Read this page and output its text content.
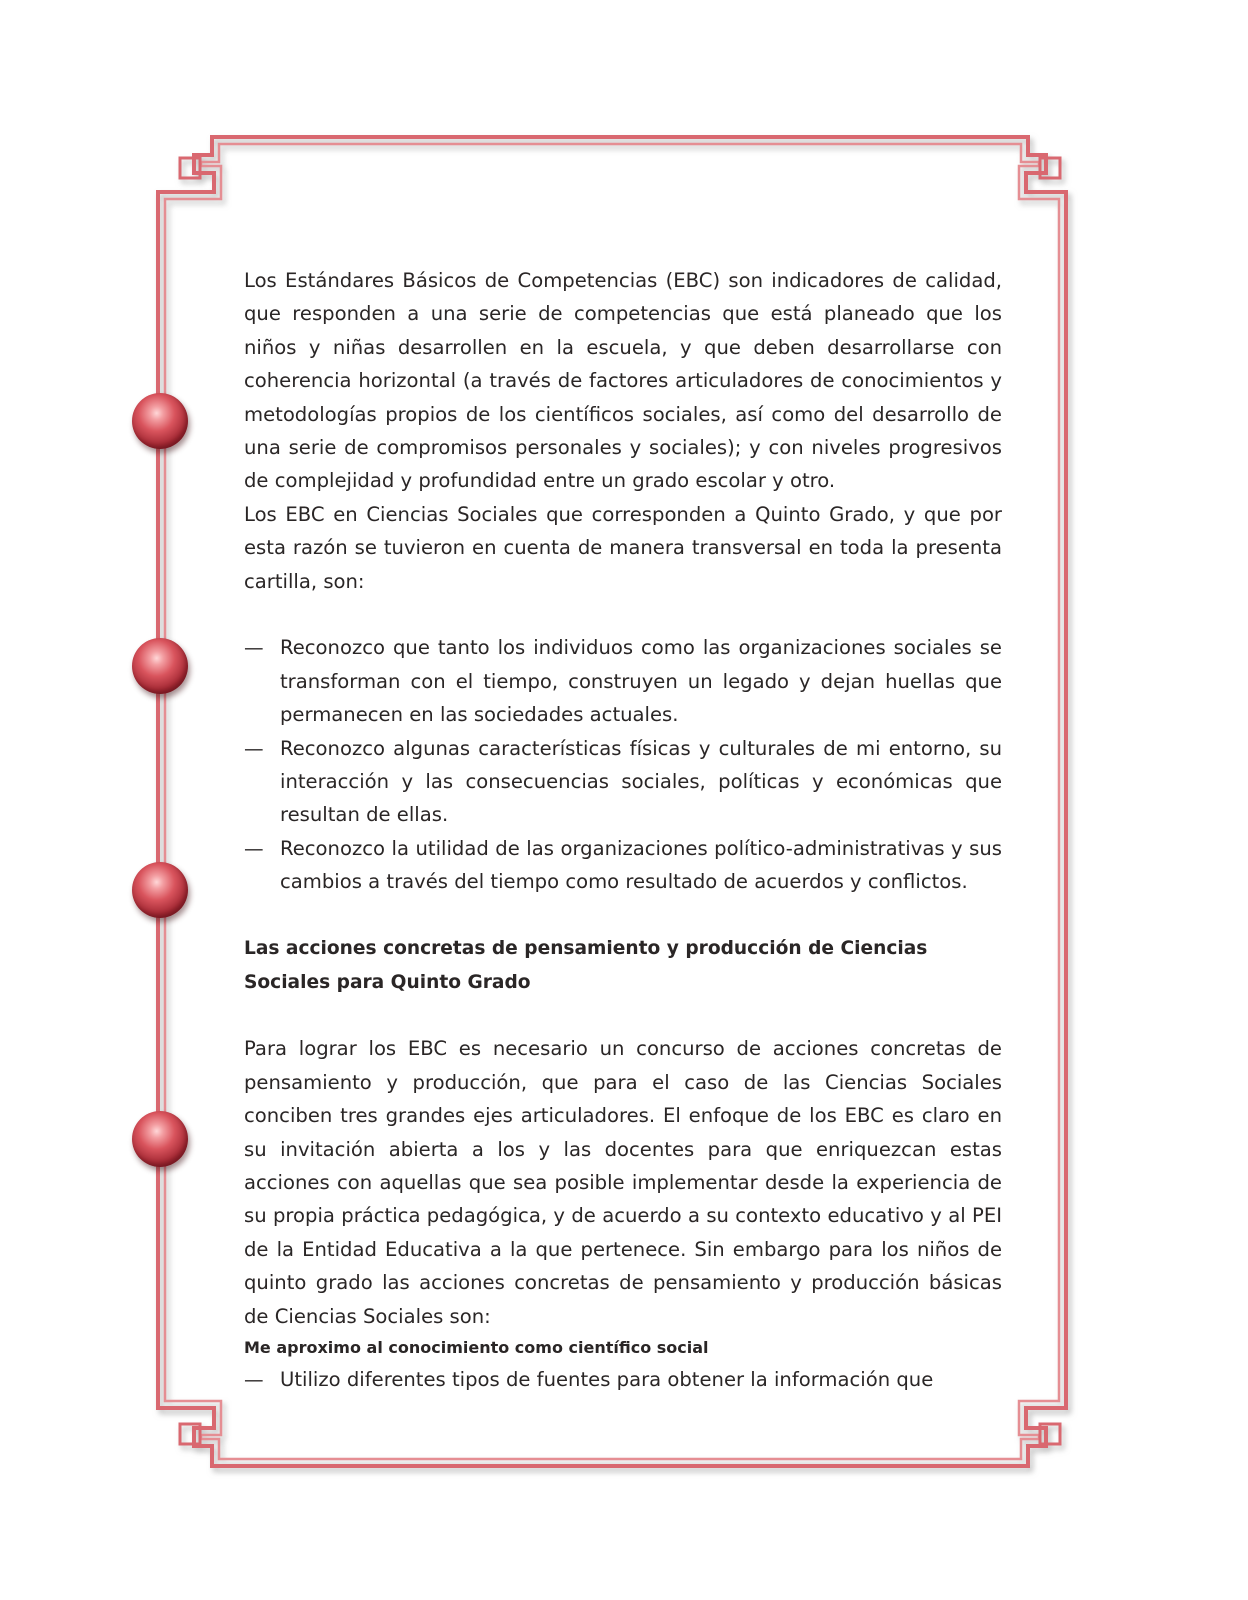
Los Estándares Básicos de Competencias (EBC) son indicadores de calidad, que responden a una serie de competencias que está planeado que los niños y niñas desarrollen en la escuela, y que deben desarrollarse con coherencia horizontal (a través de factores articuladores de conocimientos y metodologías propios de los científicos sociales, así como del desarrollo de una serie de compromisos personales y sociales); y con niveles progresivos de complejidad y profundidad entre un grado escolar y otro.

Los EBC en Ciencias Sociales que corresponden a Quinto Grado, y que por esta razón se tuvieron en cuenta de manera transversal en toda la presenta cartilla, son:

— Reconozco que tanto los individuos como las organizaciones sociales se transforman con el tiempo, construyen un legado y dejan huellas que permanecen en las sociedades actuales.
— Reconozco algunas características físicas y culturales de mi entorno, su interacción y las consecuencias sociales, políticas y económicas que resultan de ellas.
— Reconozco la utilidad de las organizaciones político-administrativas y sus cambios a través del tiempo como resultado de acuerdos y conflictos.

Las acciones concretas de pensamiento y producción de Ciencias Sociales para Quinto Grado

Para lograr los EBC es necesario un concurso de acciones concretas de pensamiento y producción, que para el caso de las Ciencias Sociales conciben tres grandes ejes articuladores. El enfoque de los EBC es claro en su invitación abierta a los y las docentes para que enriquezcan estas acciones con aquellas que sea posible implementar desde la experiencia de su propia práctica pedagógica, y de acuerdo a su contexto educativo y al PEI de la Entidad Educativa a la que pertenece. Sin embargo para los niños de quinto grado las acciones concretas de pensamiento y producción básicas de Ciencias Sociales son:

Me aproximo al conocimiento como científico social

— Utilizo diferentes tipos de fuentes para obtener la información que
